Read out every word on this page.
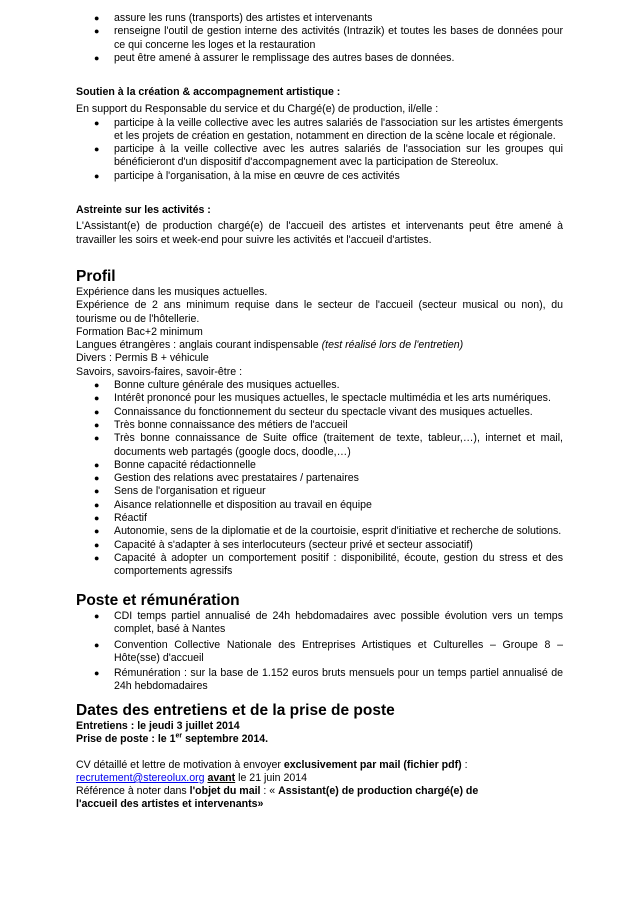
● assure les runs (transports) des artistes et intervenants
● renseigne l'outil de gestion interne des activités (Intrazik) et toutes les bases de données pour ce qui concerne les loges et la restauration
● peut être amené à assurer le remplissage des autres bases de données.
Soutien à la création & accompagnement artistique :
En support du Responsable du service et du Chargé(e) de production, il/elle :
● participe à la veille collective avec les autres salariés de l'association sur les artistes émergents et les projets de création en gestation, notamment en direction de la scène locale et régionale.
● participe à la veille collective avec les autres salariés de l'association sur les groupes qui bénéficieront d'un dispositif d'accompagnement avec la participation de Stereolux.
● participe à l'organisation, à la mise en œuvre de ces activités
Astreinte sur les activités :
L'Assistant(e) de production chargé(e) de l'accueil des artistes et intervenants peut être amené à travailler les soirs et week-end pour suivre les activités et l'accueil d'artistes.
Profil
Expérience dans les musiques actuelles.
Expérience de 2 ans minimum requise dans le secteur de l'accueil (secteur musical ou non), du tourisme ou de l'hôtellerie.
Formation Bac+2 minimum
Langues étrangères : anglais courant indispensable (test réalisé lors de l'entretien)
Divers : Permis B + véhicule
Savoirs, savoirs-faires, savoir-être :
● Bonne culture générale des musiques actuelles.
● Intérêt prononcé pour les musiques actuelles, le spectacle multimédia et les arts numériques.
● Connaissance du fonctionnement du secteur du spectacle vivant des musiques actuelles.
● Très bonne connaissance des métiers de l'accueil
● Très bonne connaissance de Suite office (traitement de texte, tableur,…), internet et mail, documents web partagés (google docs, doodle,…)
● Bonne capacité rédactionnelle
● Gestion des relations avec prestataires / partenaires
● Sens de l'organisation et rigueur
● Aisance relationnelle et disposition au travail en équipe
● Réactif
● Autonomie, sens de la diplomatie et de la courtoisie, esprit d'initiative et recherche de solutions.
● Capacité à s'adapter à ses interlocuteurs (secteur privé et secteur associatif)
● Capacité à adopter un comportement positif : disponibilité, écoute, gestion du stress et des comportements agressifs
Poste et rémunération
● CDI temps partiel annualisé de 24h hebdomadaires avec possible évolution vers un temps complet, basé à Nantes
● Convention Collective Nationale des Entreprises Artistiques et Culturelles – Groupe 8 – Hôte(sse) d'accueil
● Rémunération : sur la base de 1.152 euros bruts mensuels pour un temps partiel annualisé de 24h hebdomadaires
Dates des entretiens et de la prise de poste
Entretiens : le jeudi 3 juillet 2014
Prise de poste : le 1er septembre 2014.
CV détaillé et lettre de motivation à envoyer exclusivement par mail (fichier pdf) :
recrutement@stereolux.org avant le 21 juin 2014
Référence à noter dans l'objet du mail : « Assistant(e) de production chargé(e) de l'accueil des artistes et intervenants»
